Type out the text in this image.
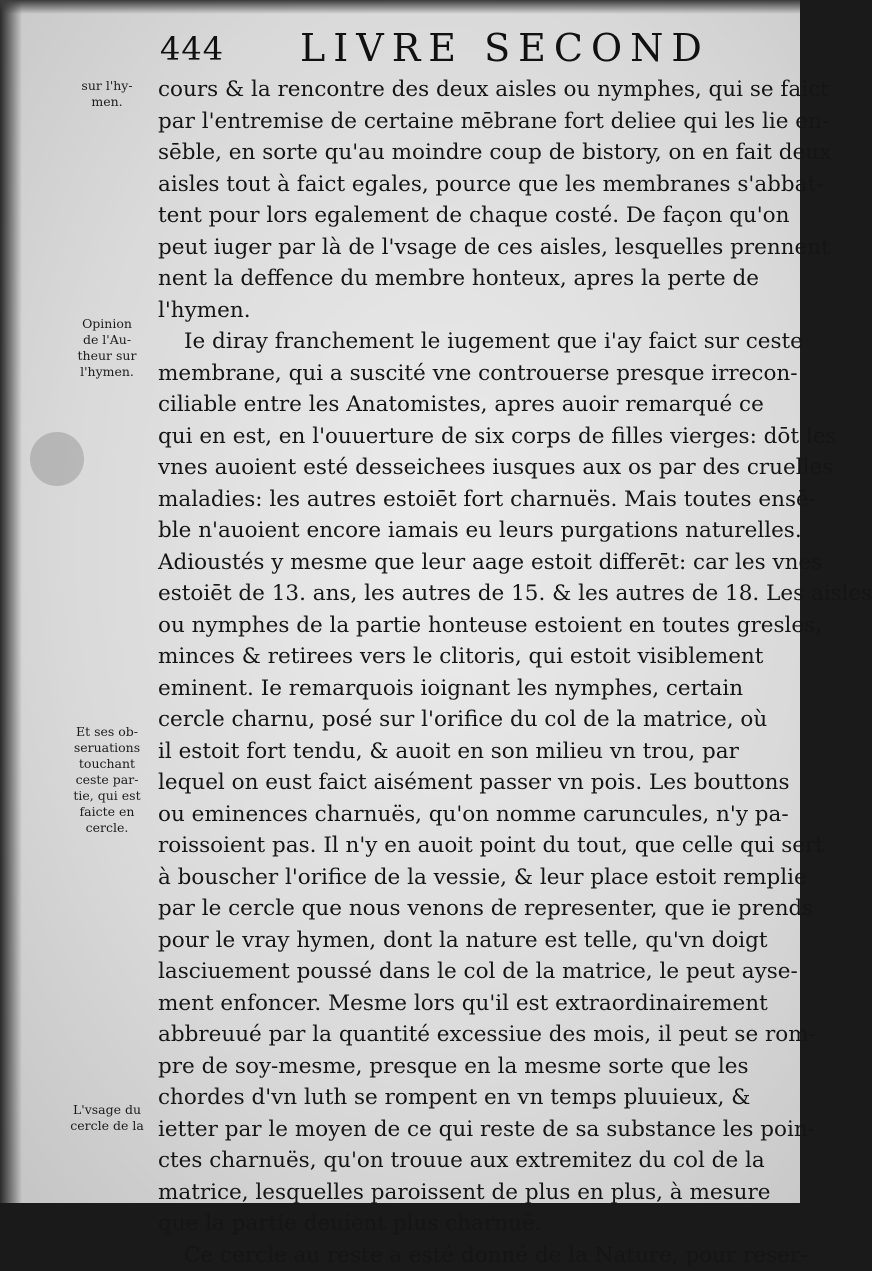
444 LIVRE SECOND
sur l'hy-
men.
Opinion
de l'Au-
theur sur
l'hymen.
Et ses ob-
seruations
touchant
ceste par-
tie, qui est
faicte en
cercle.
L'vsage du
cercle de la
cours & la rencontre des deux aisles ou nymphes, qui se faict
par l'entremise de certaine mēbrane fort deliee qui les lie en-
sēble, en sorte qu'au moindre coup de bistory, on en fait deux
aisles tout à faict egales, pource que les membranes s'abbat-
tent pour lors egalement de chaque costé. De façon qu'on
peut iuger par là de l'vsage de ces aisles, lesquelles prennent
nent la deffence du membre honteux, apres la perte de
l'hymen.
Ie diray franchement le iugement que i'ay faict sur ceste
membrane, qui a suscité vne controuerse presque irrecon-
ciliable entre les Anatomistes, apres auoir remarqué ce
qui en est, en l'ouuerture de six corps de filles vierges: dōt les
vnes auoient esté desseichees iusques aux os par des cruelles
maladies: les autres estoiēt fort charnuës. Mais toutes ensē-
ble n'auoient encore iamais eu leurs purgations naturelles.
Adioustés y mesme que leur aage estoit differēt: car les vnes
estoiēt de 13. ans, les autres de 15. & les autres de 18. Les aisles
ou nymphes de la partie honteuse estoient en toutes gresles,
minces & retirees vers le clitoris, qui estoit visiblement
eminent. Ie remarquois ioignant les nymphes, certain
cercle charnu, posé sur l'orifice du col de la matrice, où
il estoit fort tendu, & auoit en son milieu vn trou, par
lequel on eust faict aisément passer vn pois. Les bouttons
ou eminences charnuës, qu'on nomme caruncules, n'y pa-
roissoient pas. Il n'y en auoit point du tout, que celle qui sert
à bouscher l'orifice de la vessie, & leur place estoit remplie
par le cercle que nous venons de representer, que ie prends
pour le vray hymen, dont la nature est telle, qu'vn doigt
lasciuement poussé dans le col de la matrice, le peut ayse-
ment enfoncer. Mesme lors qu'il est extraordinairement
abbreuué par la quantité excessiue des mois, il peut se rom-
pre de soy-mesme, presque en la mesme sorte que les
chordes d'vn luth se rompent en vn temps pluuieux, &
ietter par le moyen de ce qui reste de sa substance les poin-
ctes charnuës, qu'on trouue aux extremitez du col de la
matrice, lesquelles paroissent de plus en plus, à mesure
que la partie deuient plus charnuë.
Ce cercle au reste a esté donné de la Nature, pour reser-
